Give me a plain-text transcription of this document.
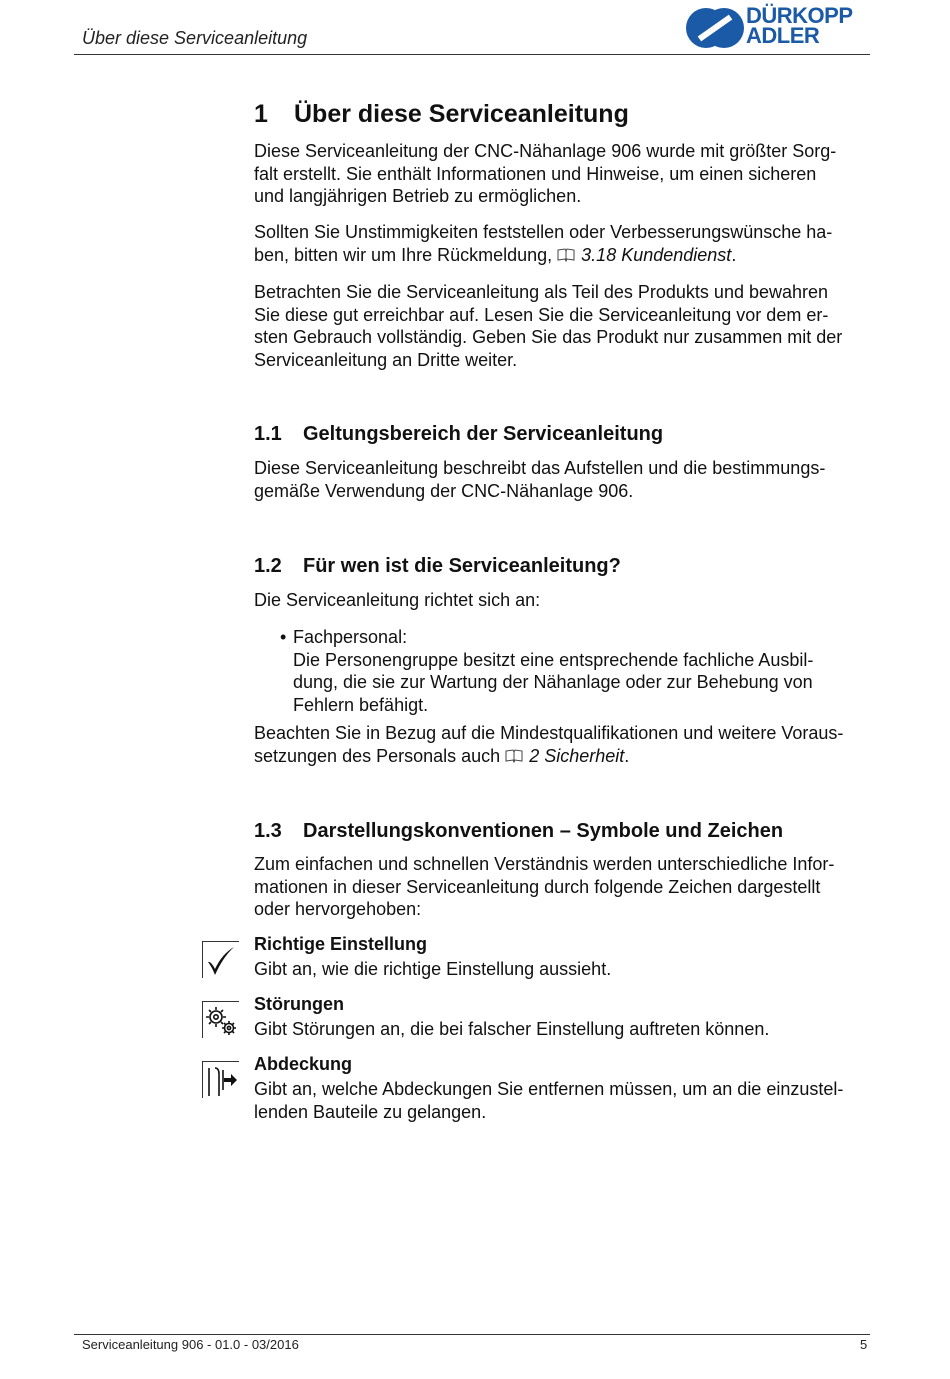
Über diese Serviceanleitung
DÜRKOPP
ADLER
1 Über diese Serviceanleitung
Diese Serviceanleitung der CNC-Nähanlage 906 wurde mit größter Sorg-
falt erstellt. Sie enthält Informationen und Hinweise, um einen sicheren
und langjährigen Betrieb zu ermöglichen.
Sollten Sie Unstimmigkeiten feststellen oder Verbesserungswünsche ha-
ben, bitten wir um Ihre Rückmeldung, 3.18 Kundendienst.
Betrachten Sie die Serviceanleitung als Teil des Produkts und bewahren
Sie diese gut erreichbar auf. Lesen Sie die Serviceanleitung vor dem er-
sten Gebrauch vollständig. Geben Sie das Produkt nur zusammen mit der
Serviceanleitung an Dritte weiter.
1.1 Geltungsbereich der Serviceanleitung
Diese Serviceanleitung beschreibt das Aufstellen und die bestimmungs-
gemäße Verwendung der CNC-Nähanlage 906.
1.2 Für wen ist die Serviceanleitung?
Die Serviceanleitung richtet sich an:
• Fachpersonal:
Die Personengruppe besitzt eine entsprechende fachliche Ausbil-
dung, die sie zur Wartung der Nähanlage oder zur Behebung von
Fehlern befähigt.
Beachten Sie in Bezug auf die Mindestqualifikationen und weitere Voraus-
setzungen des Personals auch 2 Sicherheit.
1.3 Darstellungskonventionen – Symbole und Zeichen
Zum einfachen und schnellen Verständnis werden unterschiedliche Infor-
mationen in dieser Serviceanleitung durch folgende Zeichen dargestellt
oder hervorgehoben:
Richtige Einstellung
Gibt an, wie die richtige Einstellung aussieht.
Störungen
Gibt Störungen an, die bei falscher Einstellung auftreten können.
Abdeckung
Gibt an, welche Abdeckungen Sie entfernen müssen, um an die einzustel-
lenden Bauteile zu gelangen.
Serviceanleitung 906 - 01.0 - 03/2016	5
